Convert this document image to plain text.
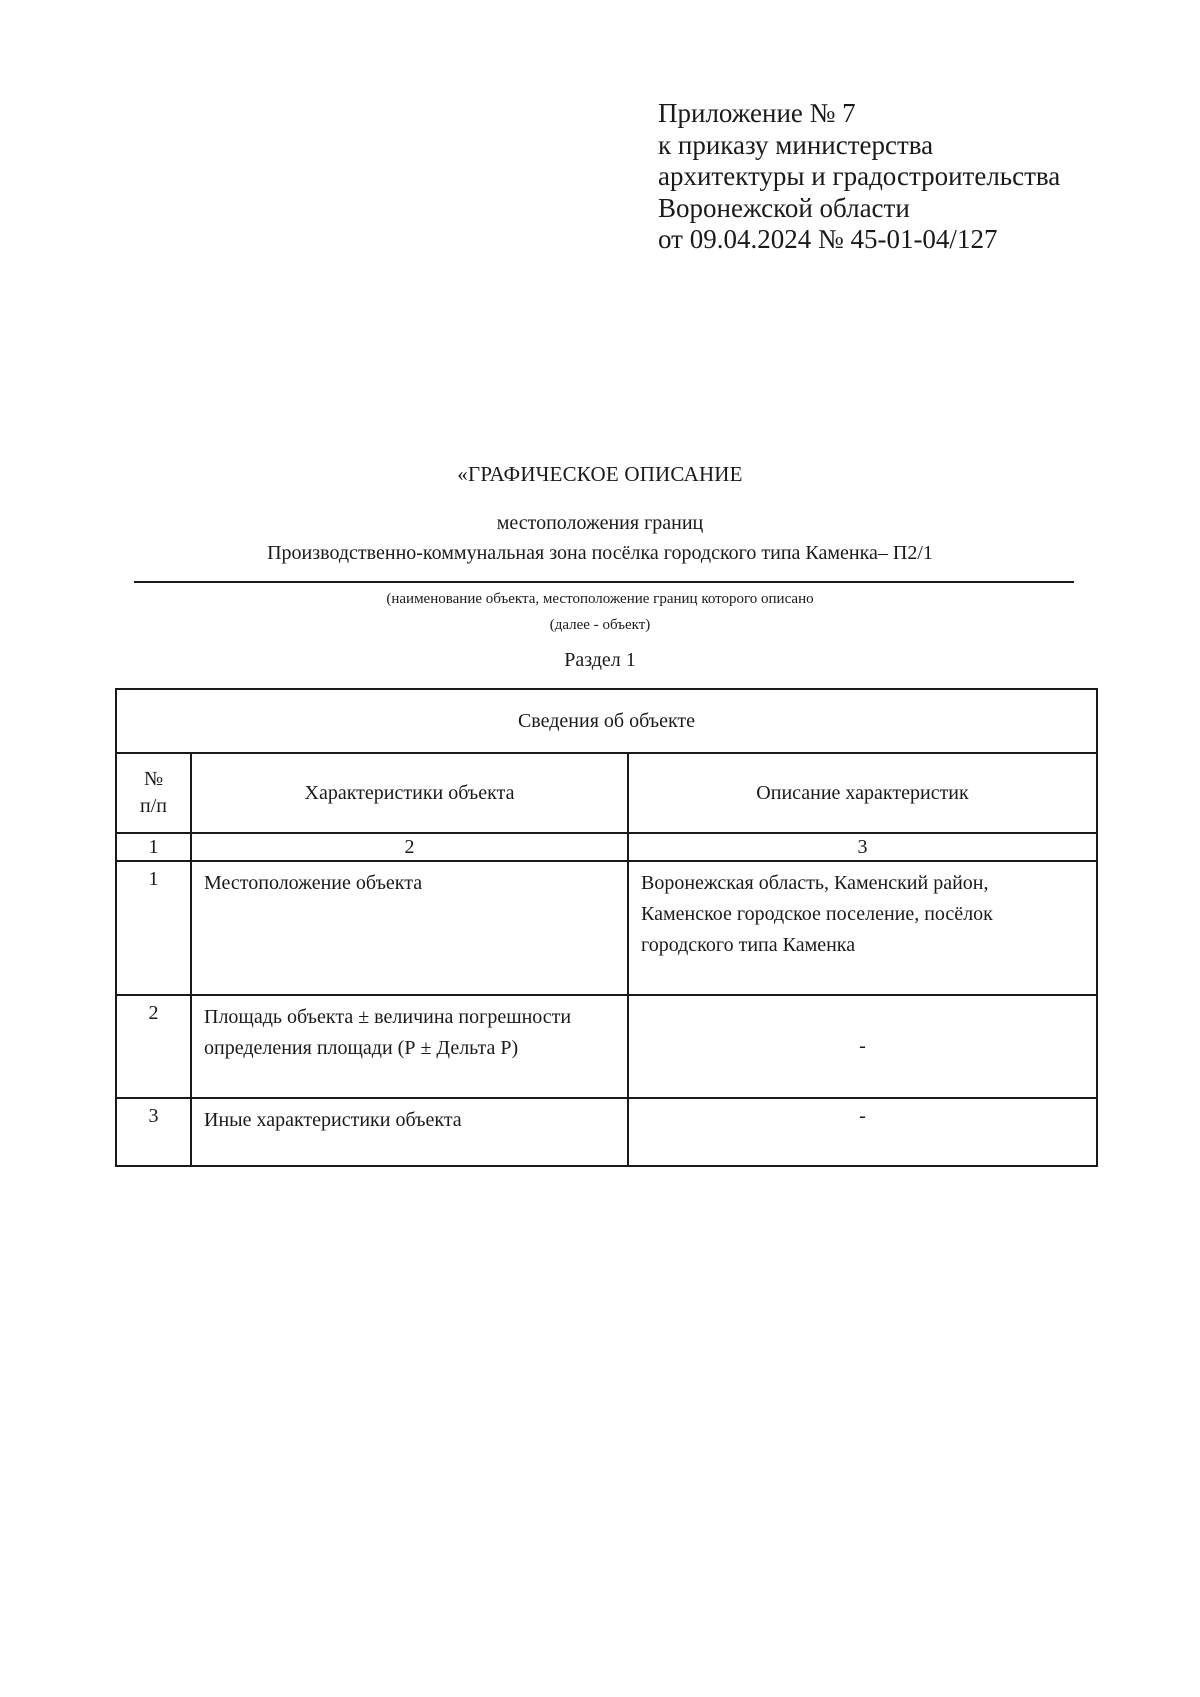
Приложение № 7
к приказу министерства
архитектуры и градостроительства
Воронежской области
от 09.04.2024 № 45-01-04/127
«ГРАФИЧЕСКОЕ ОПИСАНИЕ
местоположения границ
Производственно-коммунальная зона посёлка городского типа Каменка– П2/1
(наименование объекта, местоположение границ которого описано
(далее - объект)
Раздел 1
Сведения об объекте		

№
п/п	Характеристики объекта	Описание характеристик
1	2	3
1	Местоположение объекта	Воронежская область, Каменский район, Каменское городское поселение, посёлок городского типа Каменка
2	Площадь объекта ± величина погрешности определения площади (Р ± Дельта Р)	-
3	Иные характеристики объекта	-
